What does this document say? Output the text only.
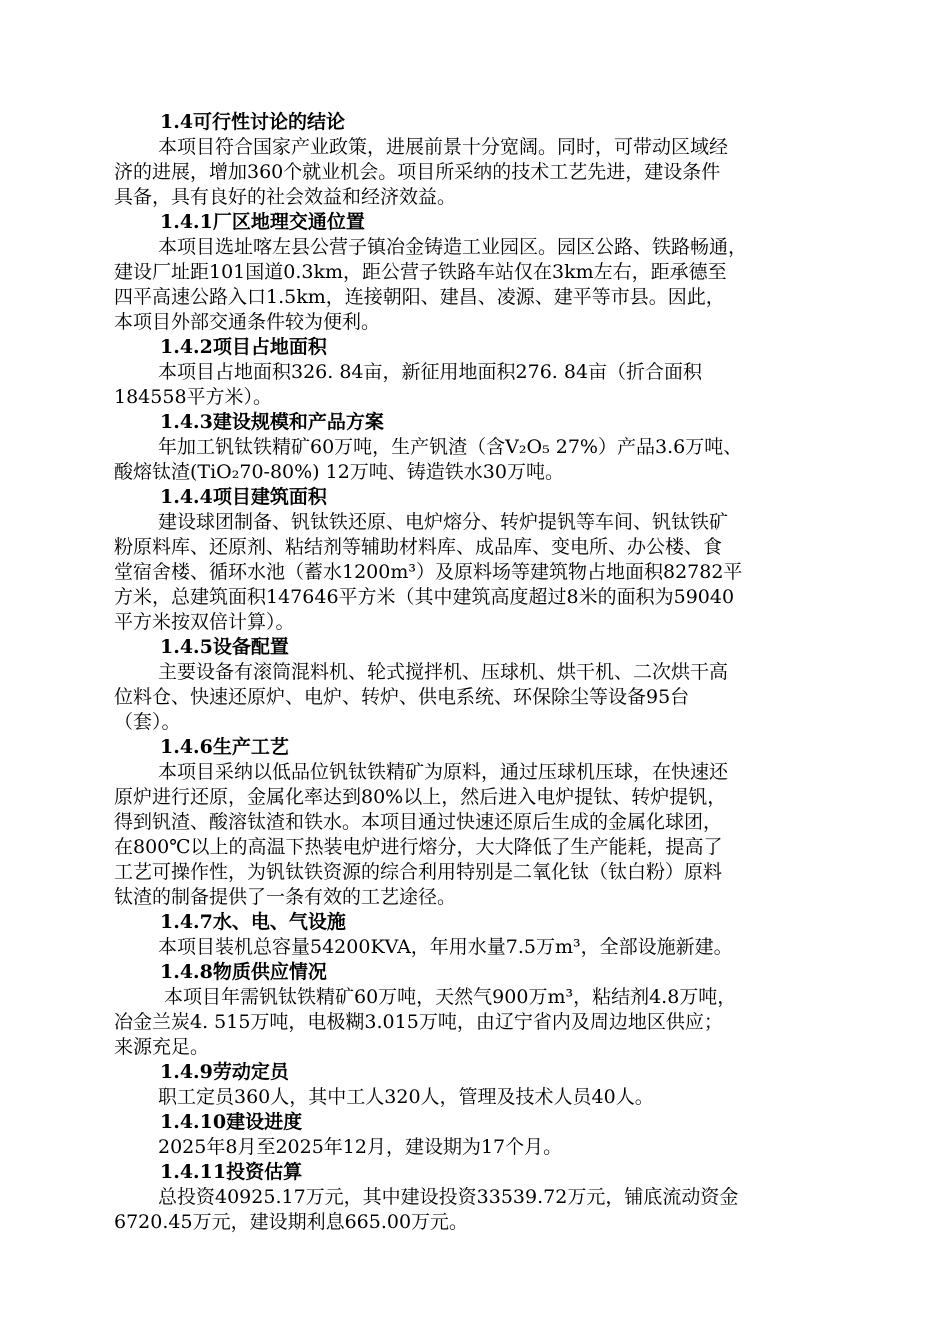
1.4可行性讨论的结论
本项目符合国家产业政策，进展前景十分宽阔。同时，可带动区域经
济的进展，增加360个就业机会。项目所采纳的技术工艺先进，建设条件
具备，具有良好的社会效益和经济效益。
1.4.1厂区地理交通位置
本项目选址喀左县公营子镇冶金铸造工业园区。园区公路、铁路畅通，
建设厂址距101国道0.3km，距公营子铁路车站仅在3km左右，距承德至
四平高速公路入口1.5km，连接朝阳、建昌、凌源、建平等市县。因此，
本项目外部交通条件较为便利。
1.4.2项目占地面积
本项目占地面积326. 84亩，新征用地面积276. 84亩（折合面积
184558平方米）。
1.4.3建设规模和产品方案
年加工钒钛铁精矿60万吨，生产钒渣（含V₂O₅ 27%）产品3.6万吨、
酸熔钛渣(TiO₂70-80%) 12万吨、铸造铁水30万吨。
1.4.4项目建筑面积
建设球团制备、钒钛铁还原、电炉熔分、转炉提钒等车间、钒钛铁矿
粉原料库、还原剂、粘结剂等辅助材料库、成品库、变电所、办公楼、食
堂宿舍楼、循环水池（蓄水1200m³）及原料场等建筑物占地面积82782平
方米，总建筑面积147646平方米（其中建筑高度超过8米的面积为59040
平方米按双倍计算）。
1.4.5设备配置
主要设备有滚筒混料机、轮式搅拌机、压球机、烘干机、二次烘干高
位料仓、快速还原炉、电炉、转炉、供电系统、环保除尘等设备95台
（套）。
1.4.6生产工艺
本项目采纳以低品位钒钛铁精矿为原料，通过压球机压球，在快速还
原炉进行还原，金属化率达到80%以上，然后进入电炉提钛、转炉提钒，
得到钒渣、酸溶钛渣和铁水。本项目通过快速还原后生成的金属化球团，
在800℃以上的高温下热装电炉进行熔分，大大降低了生产能耗，提高了
工艺可操作性，为钒钛铁资源的综合利用特别是二氧化钛（钛白粉）原料
钛渣的制备提供了一条有效的工艺途径。
1.4.7水、电、气设施
本项目装机总容量54200KVA，年用水量7.5万m³，全部设施新建。
1.4.8物质供应情况
本项目年需钒钛铁精矿60万吨，天然气900万m³，粘结剂4.8万吨，
冶金兰炭4. 515万吨，电极糊3.015万吨，由辽宁省内及周边地区供应；
来源充足。
1.4.9劳动定员
职工定员360人，其中工人320人，管理及技术人员40人。
1.4.10建设进度
2025年8月至2025年12月，建设期为17个月。
1.4.11投资估算
总投资40925.17万元，其中建设投资33539.72万元，铺底流动资金
6720.45万元，建设期利息665.00万元。
